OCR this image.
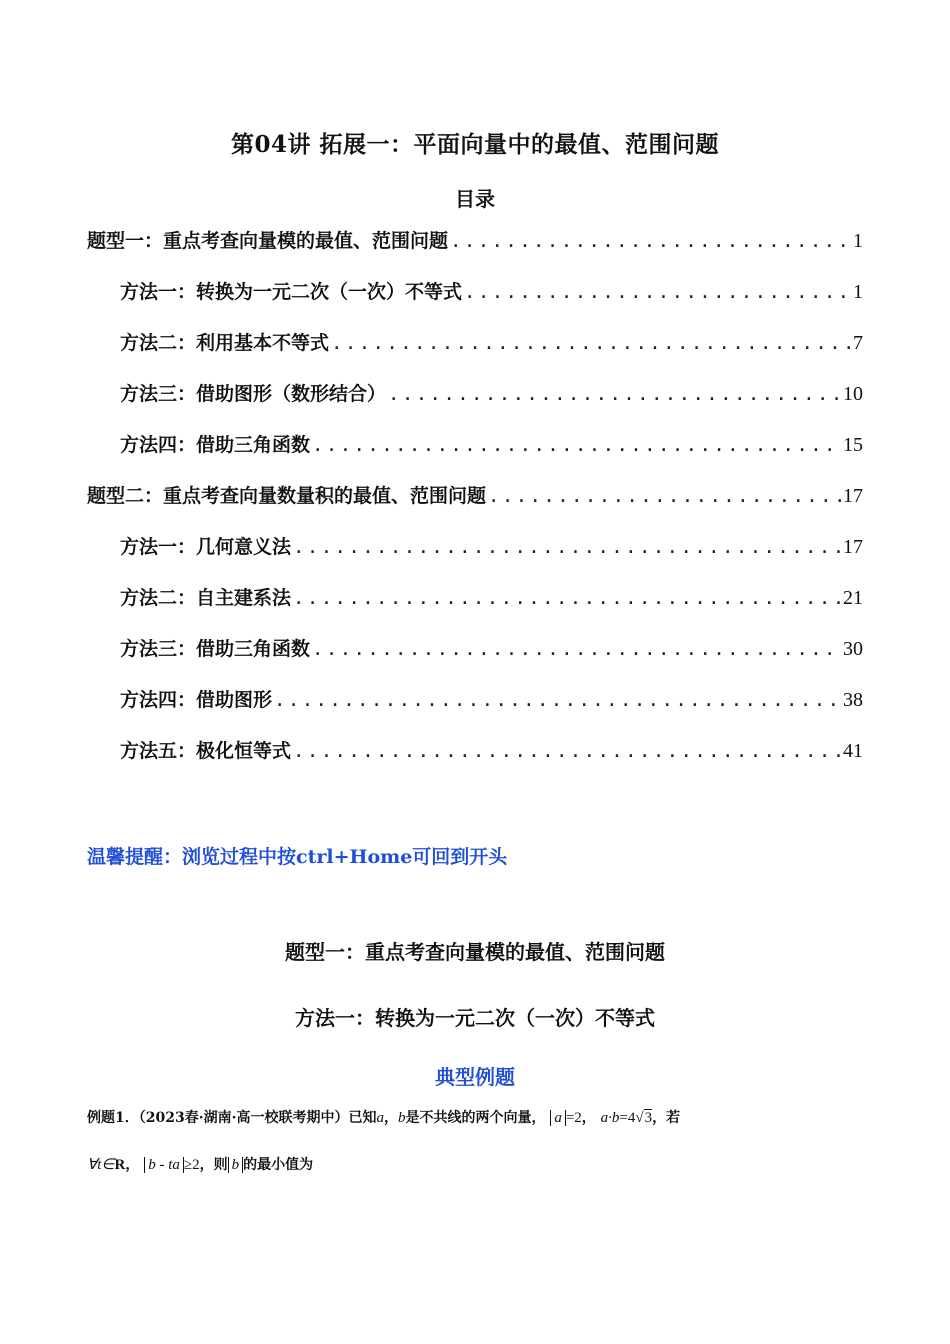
第04讲 拓展一：平面向量中的最值、范围问题
目录
题型一：重点考查向量模的最值、范围问题 .....	1
方法一：转换为一元二次（一次）不等式 .....	1
方法二：利用基本不等式 .....	7
方法三：借助图形（数形结合） .....	10
方法四：借助三角函数 .....	15
题型二：重点考查向量数量积的最值、范围问题 .....	17
方法一：几何意义法 .....	17
方法二：自主建系法 .....	21
方法三：借助三角函数 .....	30
方法四：借助图形 .....	38
方法五：极化恒等式 .....	41
温馨提醒：浏览过程中按ctrl+Home可回到开头
题型一：重点考查向量模的最值、范围问题
方法一：转换为一元二次（一次）不等式
典型例题
例题1．（2023春·湖南·高一校联考期中）已知a，b是不共线的两个向量， a =2， a·b=4√3，若
∀t∈R， b - ta ≥2，则 b 的最小值为
